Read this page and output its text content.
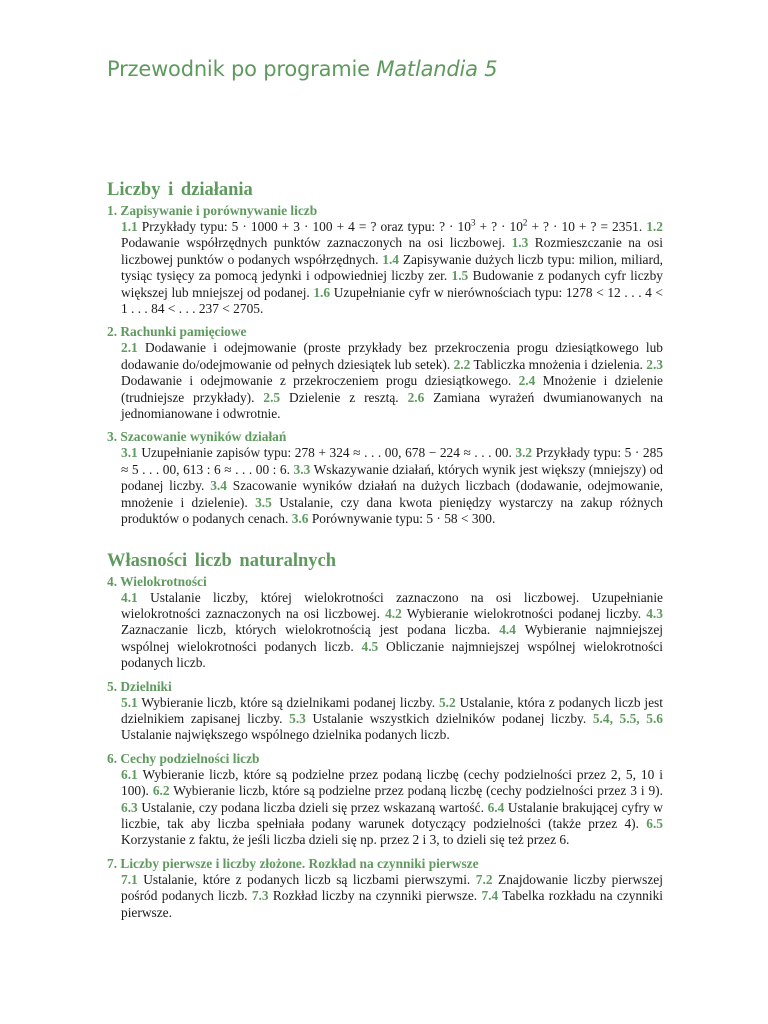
Przewodnik po programie Matlandia 5
Liczby i działania
1. Zapisywanie i porównywanie liczb
1.1 Przykłady typu: 5 · 1000 + 3 · 100 + 4 = ? oraz typu: ? · $10^3$ + ? · $10^2$ + ? · 10 + ? = 2351. 1.2 Podawanie współrzędnych punktów zaznaczonych na osi liczbowej. 1.3 Rozmieszczanie na osi liczbowej punktów o podanych współrzędnych. 1.4 Zapisywanie dużych liczb typu: milion, miliard, tysiąc tysięcy za pomocą jedynki i odpowiedniej liczby zer. 1.5 Budowanie z podanych cyfr liczby większej lub mniejszej od podanej. 1.6 Uzupełnianie cyfr w nierównościach typu: 1278 < 12 . . . 4 < 1 . . . 84 < . . . 237 < 2705.
2. Rachunki pamięciowe
2.1 Dodawanie i odejmowanie (proste przykłady bez przekroczenia progu dziesiątkowego lub dodawanie do/odejmowanie od pełnych dziesiątek lub setek). 2.2 Tabliczka mnożenia i dzielenia. 2.3 Dodawanie i odejmowanie z przekroczeniem progu dziesiątkowego. 2.4 Mnożenie i dzielenie (trudniejsze przykłady). 2.5 Dzielenie z resztą. 2.6 Zamiana wyrażeń dwumianowanych na jednomianowane i odwrotnie.
3. Szacowanie wyników działań
3.1 Uzupełnianie zapisów typu: 278 + 324 ≈ . . . 00, 678 − 224 ≈ . . . 00. 3.2 Przykłady typu: 5 · 285 ≈ 5 . . . 00, 613 : 6 ≈ . . . 00 : 6. 3.3 Wskazywanie działań, których wynik jest większy (mniejszy) od podanej liczby. 3.4 Szacowanie wyników działań na dużych liczbach (dodawanie, odejmowanie, mnożenie i dzielenie). 3.5 Ustalanie, czy dana kwota pieniędzy wystarczy na zakup różnych produktów o podanych cenach. 3.6 Porównywanie typu: 5 · 58 < 300.
Własności liczb naturalnych
4. Wielokrotności
4.1 Ustalanie liczby, której wielokrotności zaznaczono na osi liczbowej. Uzupełnianie wielokrotności zaznaczonych na osi liczbowej. 4.2 Wybieranie wielokrotności podanej liczby. 4.3 Zaznaczanie liczb, których wielokrotnością jest podana liczba. 4.4 Wybieranie najmniejszej wspólnej wielokrotności podanych liczb. 4.5 Obliczanie najmniejszej wspólnej wielokrotności podanych liczb.
5. Dzielniki
5.1 Wybieranie liczb, które są dzielnikami podanej liczby. 5.2 Ustalanie, która z podanych liczb jest dzielnikiem zapisanej liczby. 5.3 Ustalanie wszystkich dzielników podanej liczby. 5.4, 5.5, 5.6 Ustalanie największego wspólnego dzielnika podanych liczb.
6. Cechy podzielności liczb
6.1 Wybieranie liczb, które są podzielne przez podaną liczbę (cechy podzielności przez 2, 5, 10 i 100). 6.2 Wybieranie liczb, które są podzielne przez podaną liczbę (cechy podzielności przez 3 i 9). 6.3 Ustalanie, czy podana liczba dzieli się przez wskazaną wartość. 6.4 Ustalanie brakującej cyfry w liczbie, tak aby liczba spełniała podany warunek dotyczący podzielności (także przez 4). 6.5 Korzystanie z faktu, że jeśli liczba dzieli się np. przez 2 i 3, to dzieli się też przez 6.
7. Liczby pierwsze i liczby złożone. Rozkład na czynniki pierwsze
7.1 Ustalanie, które z podanych liczb są liczbami pierwszymi. 7.2 Znajdowanie liczby pierwszej pośród podanych liczb. 7.3 Rozkład liczby na czynniki pierwsze. 7.4 Tabelka rozkładu na czynniki pierwsze.
